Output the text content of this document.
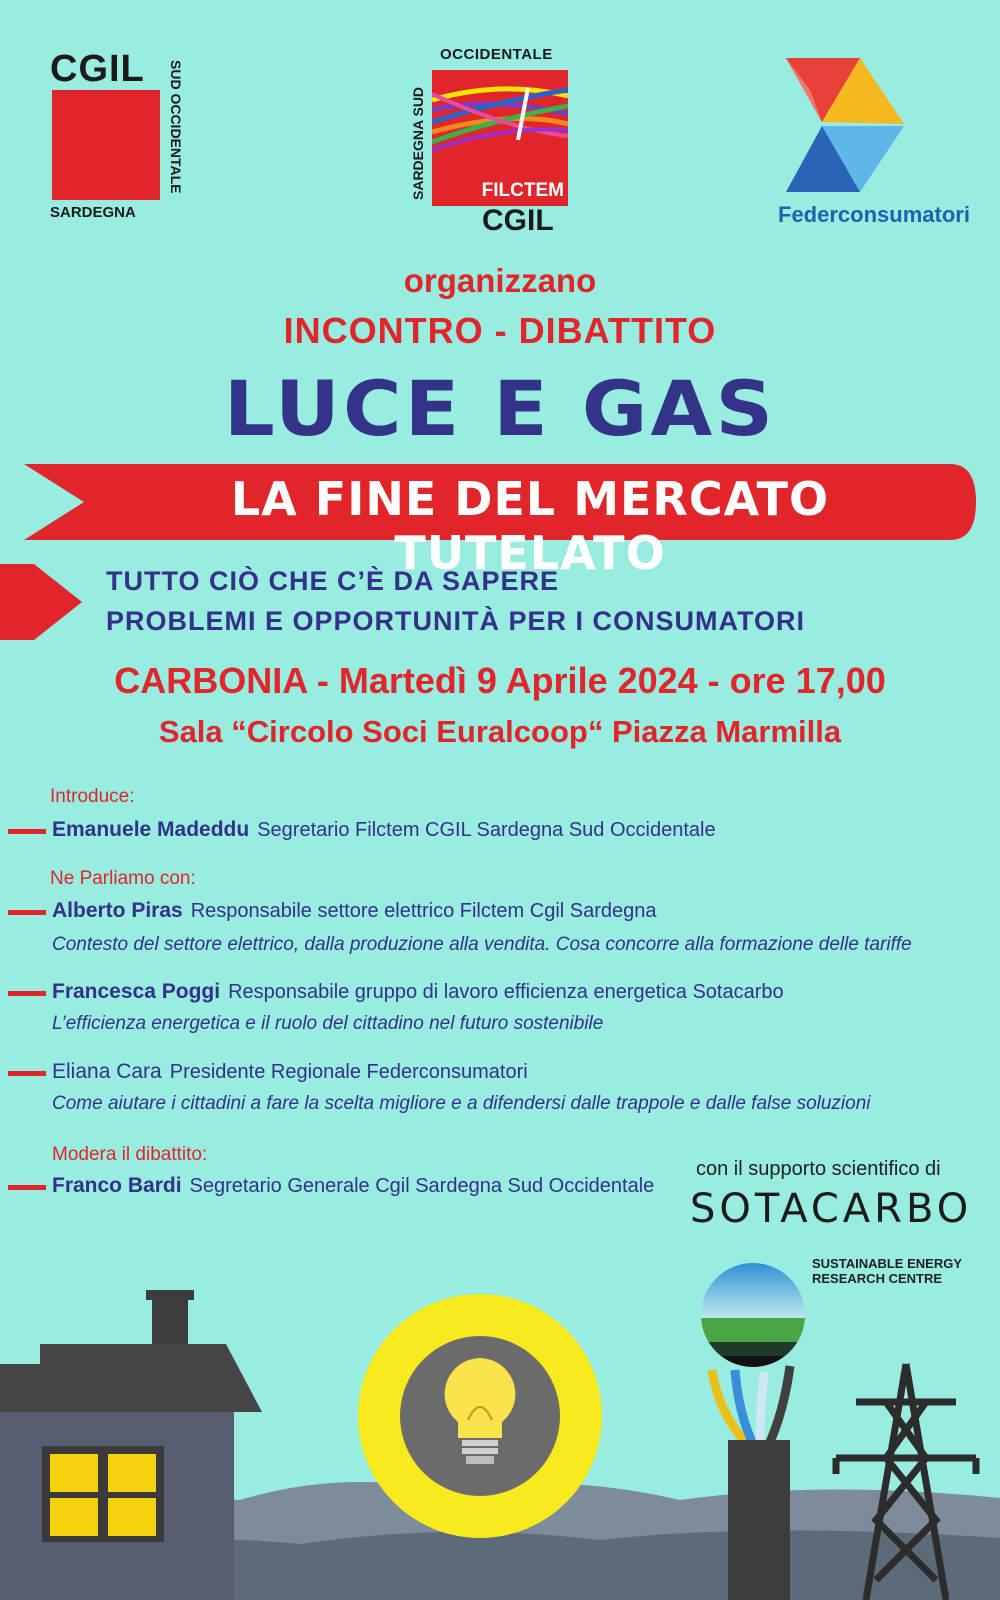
CGIL
SARDEGNA
SUD OCCIDENTALE
OCCIDENTALE
SARDEGNA SUD	FILCTEM
CGIL	Federconsumatori
organizzano
INCONTRO - DIBATTITO
LUCE E GAS
LA FINE DEL MERCATO TUTELATO
TUTTO CIÒ CHE C’È DA SAPERE
PROBLEMI E OPPORTUNITÀ PER I CONSUMATORI
CARBONIA - Martedì 9 Aprile 2024 - ore 17,00
Sala “Circolo Soci Euralcoop“ Piazza Marmilla
Introduce:
Emanuele Madeddu Segretario Filctem CGIL Sardegna Sud Occidentale
Ne Parliamo con:
Alberto Piras Responsabile settore elettrico Filctem Cgil Sardegna
Contesto del settore elettrico, dalla produzione alla vendita. Cosa concorre alla formazione delle tariffe
Francesca Poggi Responsabile gruppo di lavoro efficienza energetica Sotacarbo
L’efficienza energetica e il ruolo del cittadino nel futuro sostenibile
Eliana Cara Presidente Regionale Federconsumatori
Come aiutare i cittadini a fare la scelta migliore e a difendersi dalle trappole e dalle false soluzioni
Modera il dibattito:
Franco Bardi Segretario Generale Cgil Sardegna Sud Occidentale
con il supporto scientifico di
SOTACARBO
SUSTAINABLE ENERGY
RESEARCH CENTRE
